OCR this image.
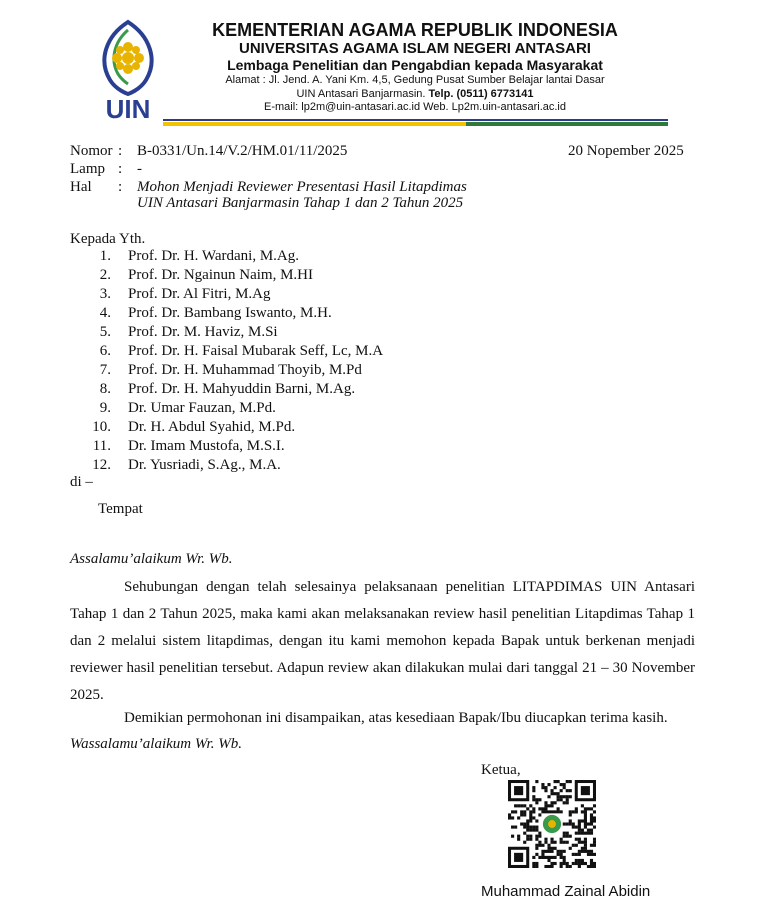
UIN
KEMENTERIAN AGAMA REPUBLIK INDONESIA
UNIVERSITAS AGAMA ISLAM NEGERI ANTASARI
Lembaga Penelitian dan Pengabdian kepada Masyarakat
Alamat : Jl. Jend. A. Yani Km. 4,5, Gedung Pusat Sumber Belajar lantai Dasar
UIN Antasari Banjarmasin. Telp. (0511) 6773141
E-mail: lp2m@uin-antasari.ac.id Web. Lp2m.uin-antasari.ac.id
Nomor : B-0331/Un.14/V.2/HM.01/11/2025	20 Nopember 2025
Lamp : -
Hal : Mohon Menjadi Reviewer Presentasi Hasil Litapdimas
UIN Antasari Banjarmasin Tahap 1 dan 2 Tahun 2025
Kepada Yth.
1. Prof. Dr. H. Wardani, M.Ag.
2. Prof. Dr. Ngainun Naim, M.HI
3. Prof. Dr. Al Fitri, M.Ag
4. Prof. Dr. Bambang Iswanto, M.H.
5. Prof. Dr. M. Haviz, M.Si
6. Prof. Dr. H. Faisal Mubarak Seff, Lc, M.A
7. Prof. Dr. H. Muhammad Thoyib, M.Pd
8. Prof. Dr. H. Mahyuddin Barni, M.Ag.
9. Dr. Umar Fauzan, M.Pd.
10. Dr. H. Abdul Syahid, M.Pd.
11. Dr. Imam Mustofa, M.S.I.
12. Dr. Yusriadi, S.Ag., M.A.
di –
Tempat
Assalamu’alaikum Wr. Wb.
Sehubungan dengan telah selesainya pelaksanaan penelitian LITAPDIMAS UIN Antasari Tahap 1 dan 2 Tahun 2025, maka kami akan melaksanakan review hasil penelitian Litapdimas Tahap 1 dan 2 melalui sistem litapdimas, dengan itu kami memohon kepada Bapak untuk berkenan menjadi reviewer hasil penelitian tersebut. Adapun review akan dilakukan mulai dari tanggal 21 – 30 November 2025.
Demikian permohonan ini disampaikan, atas kesediaan Bapak/Ibu diucapkan terima kasih.
Wassalamu’alaikum Wr. Wb.
Ketua,
Muhammad Zainal Abidin
